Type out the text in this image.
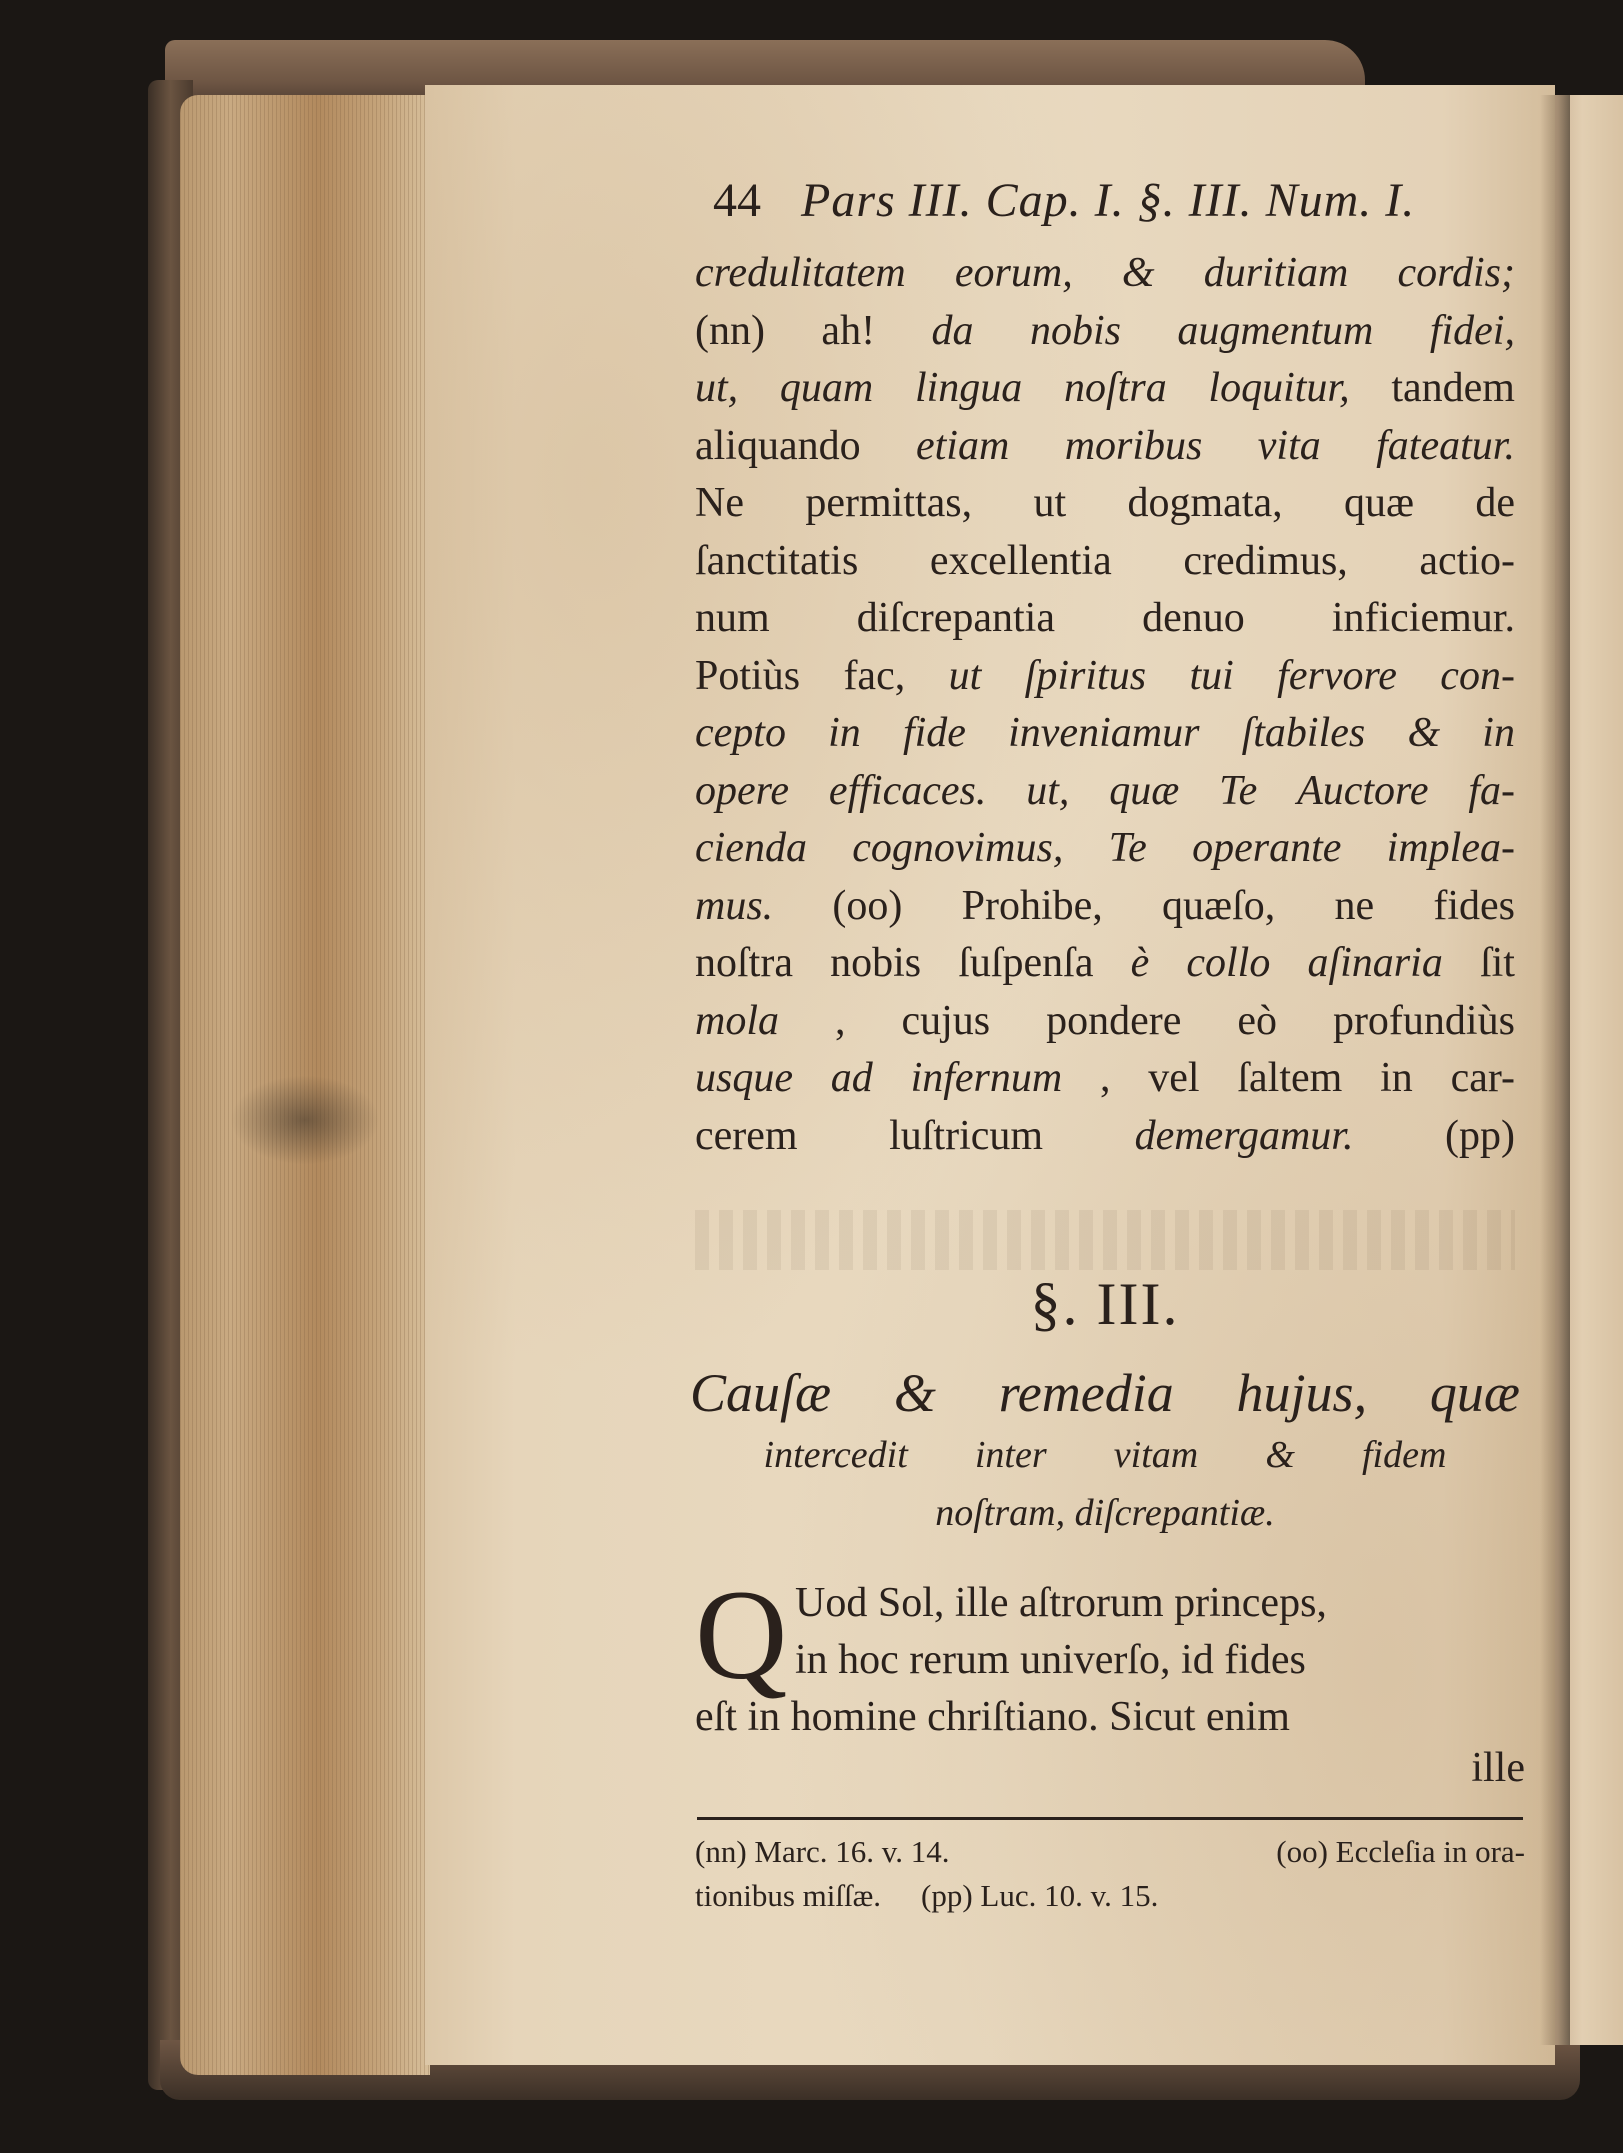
44 Pars III. Cap. I. §. III. Num. I.
credulitatem eorum, & duritiam cordis;
(nn) ah! da nobis augmentum fidei,
ut, quam lingua noſtra loquitur, tandem
aliquando etiam moribus vita fateatur.
Ne permittas, ut dogmata, quæ de
ſanctitatis excellentia credimus, actio-
num diſcrepantia denuo inficiemur.
Potiùs fac, ut ſpiritus tui fervore con-
cepto in fide inveniamur ſtabiles & in
opere efficaces. ut, quæ Te Auctore fa-
cienda cognovimus, Te operante implea-
mus. (oo) Prohibe, quæſo, ne fides
noſtra nobis ſuſpenſa è collo aſinaria ſit
mola , cujus pondere eò profundiùs
usque ad infernum , vel ſaltem in car-
cerem luſtricum demergamur. (pp)
§. III.
Cauſæ & remedia hujus, quæ
intercedit inter vitam & fidem
noſtram, diſcrepantiæ.
Q Uod Sol, ille aſtrorum princeps,
in hoc rerum univerſo, id fides
eſt in homine chriſtiano. Sicut enim
ille
(nn) Marc. 16. v. 14.	(oo) Eccleſia in ora-
tionibus miſſæ. (pp) Luc. 10. v. 15.
